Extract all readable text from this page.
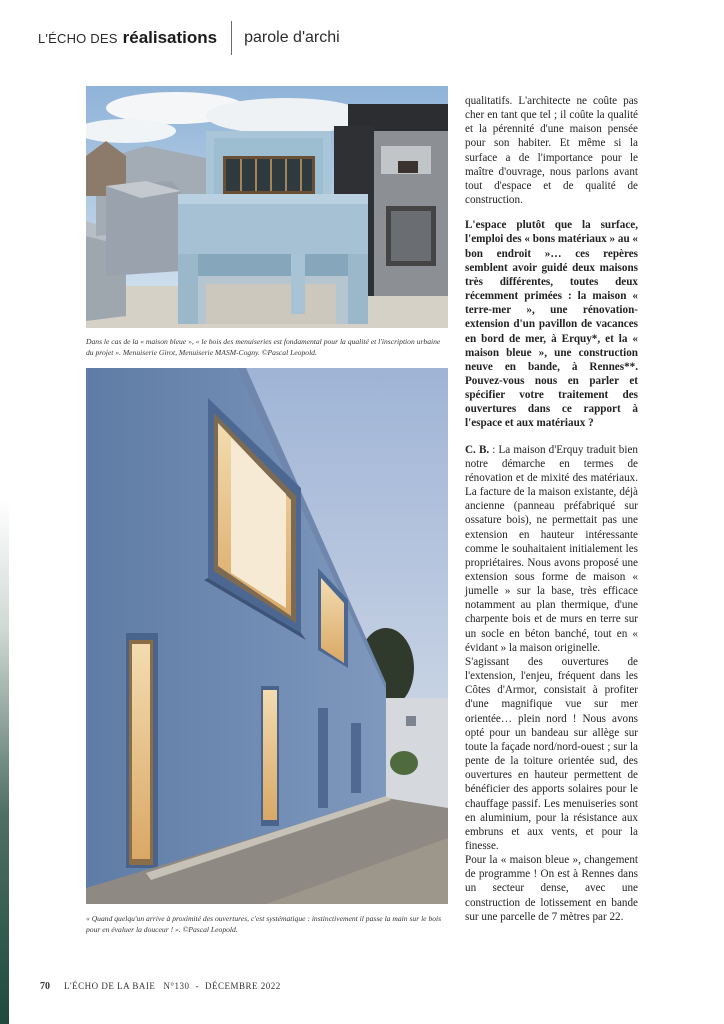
L'ÉCHO DES réalisations parole d'archi
Dans le cas de la « maison bleue », « le bois des menuiseries est fondamental pour la qualité et l'inscription urbaine du projet ». Menuiserie Girot, Menuiserie MASM-Cogny. ©Pascal Leopold.
« Quand quelqu'un arrive à proximité des ouvertures, c'est systématique : instinctivement il passe la main sur le bois pour en évaluer la douceur ! ». ©Pascal Leopold.

qualitatifs. L'architecte ne coûte pas cher en tant que tel ; il coûte la qualité et la pérennité d'une maison pensée pour son habiter. Et même si la surface a de l'importance pour le maître d'ouvrage, nous parlons avant tout d'espace et de qualité de construction.

L'espace plutôt que la surface, l'emploi des « bons matériaux » au « bon endroit »… ces repères semblent avoir guidé deux maisons très différentes, toutes deux récemment primées : la maison « terre-mer », une rénovation-extension d'un pavillon de vacances en bord de mer, à Erquy*, et la « maison bleue », une construction neuve en bande, à Rennes**. Pouvez-vous nous en parler et spécifier votre traitement des ouvertures dans ce rapport à l'espace et aux matériaux ?

C. B. : La maison d'Erquy traduit bien notre démarche en termes de rénovation et de mixité des matériaux. La facture de la maison existante, déjà ancienne (panneau préfabriqué sur ossature bois), ne permettait pas une extension en hauteur intéressante comme le souhaitaient initialement les propriétaires. Nous avons proposé une extension sous forme de maison « jumelle » sur la base, très efficace notamment au plan thermique, d'une charpente bois et de murs en terre sur un socle en béton banché, tout en « évidant » la maison originelle.

S'agissant des ouvertures de l'extension, l'enjeu, fréquent dans les Côtes d'Armor, consistait à profiter d'une magnifique vue sur mer orientée… plein nord ! Nous avons opté pour un bandeau sur allège sur toute la façade nord/nord-ouest ; sur la pente de la toiture orientée sud, des ouvertures en hauteur permettent de bénéficier des apports solaires pour le chauffage passif. Les menuiseries sont en aluminium, pour la résistance aux embruns et aux vents, et pour la finesse.

Pour la « maison bleue », changement de programme ! On est à Rennes dans un secteur dense, avec une construction de lotissement en bande sur une parcelle de 7 mètres par 22.

70 L'ÉCHO DE LA BAIE N°130 - DÉCEMBRE 2022
